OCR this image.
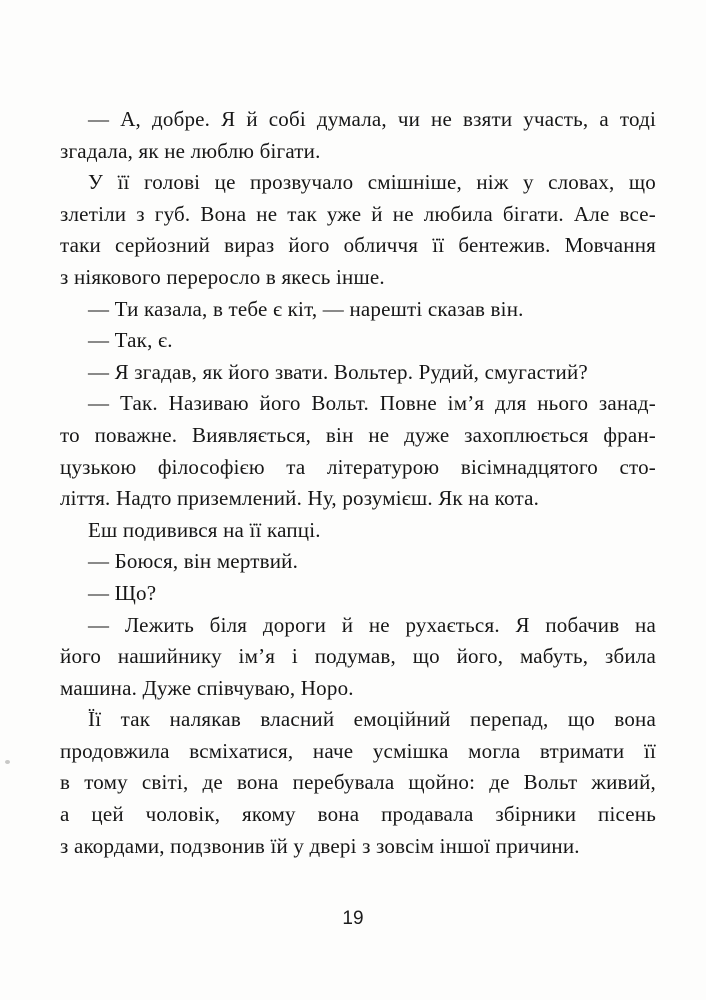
— А, добре. Я й собі думала, чи не взяти участь, а тоді
згадала, як не люблю бігати.
У її голові це прозвучало смішніше, ніж у словах, що
злетіли з губ. Вона не так уже й не любила бігати. Але все-
таки серйозний вираз його обличчя її бентежив. Мовчання
з ніякового переросло в якесь інше.
— Ти казала, в тебе є кіт, — нарешті сказав він.
— Так, є.
— Я згадав, як його звати. Вольтер. Рудий, смугастий?
— Так. Називаю його Вольт. Повне ім’я для нього занад-
то поважне. Виявляється, він не дуже захоплюється фран-
цузькою філософією та літературою вісімнадцятого сто-
ліття. Надто приземлений. Ну, розумієш. Як на кота.
Еш подивився на її капці.
— Боюся, він мертвий.
— Що?
— Лежить біля дороги й не рухається. Я побачив на
його нашийнику ім’я і подумав, що його, мабуть, збила
машина. Дуже співчуваю, Норо.
Її так налякав власний емоційний перепад, що вона
продовжила всміхатися, наче усмішка могла втримати її
в тому світі, де вона перебувала щойно: де Вольт живий,
а цей чоловік, якому вона продавала збірники пісень
з акордами, подзвонив їй у двері з зовсім іншої причини.
19
